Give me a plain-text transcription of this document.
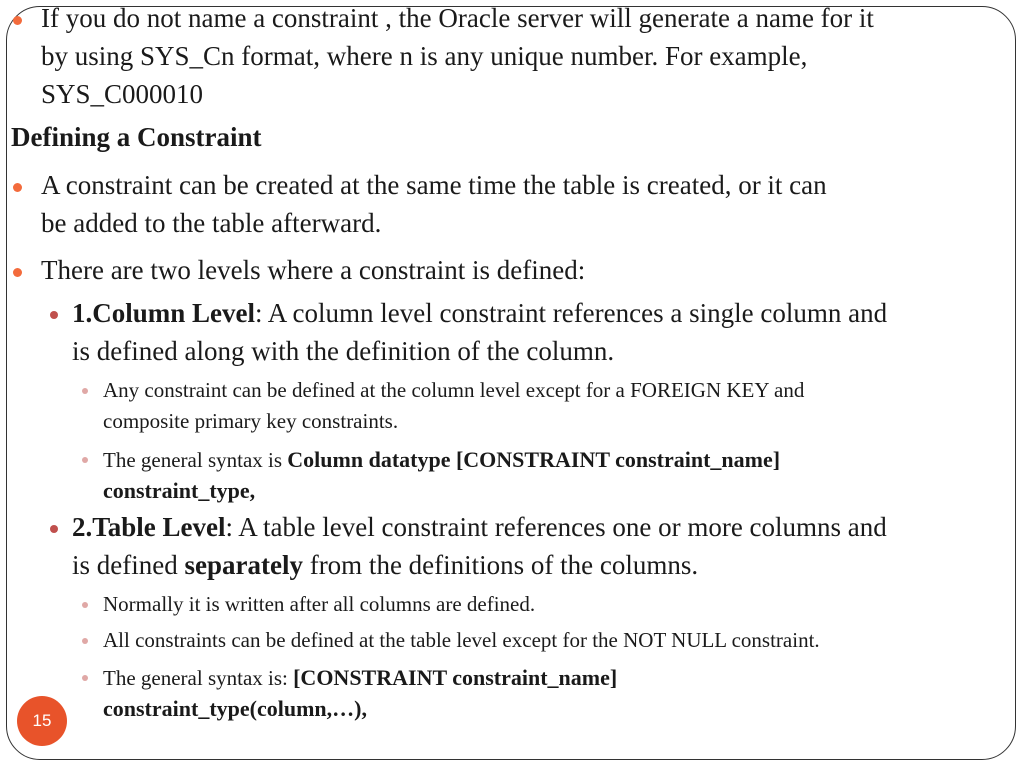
If you do not name a constraint , the Oracle server will generate a name for it
by using SYS_Cn format, where n is any unique number. For example,
SYS_C000010
Defining a Constraint
A constraint can be created at the same time the table is created, or it can
be added to the table afterward.
There are two levels where a constraint is defined:
1.Column Level: A column level constraint references a single column and
is defined along with the definition of the column.
Any constraint can be defined at the column level except for a FOREIGN KEY and
composite primary key constraints.
The general syntax is Column datatype [CONSTRAINT constraint_name]
constraint_type,
2.Table Level: A table level constraint references one or more columns and
is defined separately from the definitions of the columns.
Normally it is written after all columns are defined.
All constraints can be defined at the table level except for the NOT NULL constraint.
The general syntax is: [CONSTRAINT constraint_name]
constraint_type(column,…),
15
